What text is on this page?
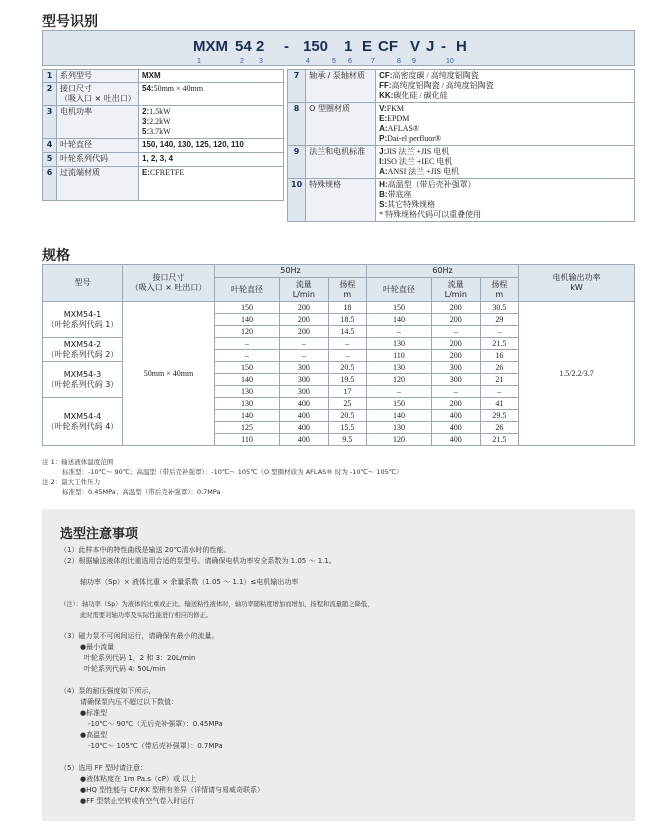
型号识别
MXM 54 2 - 150 1 E CF V J - H
1	2 3	4	5 6	7	8 9	10
1	系列型号	MXM
2	接口尺寸
（吸入口 × 吐出口）	54:50mm × 40mm
3	电机功率	2:1.5kW
3:2.2kW
5:3.7kW
4	叶轮直径	150, 140, 130, 125, 120, 110
5	叶轮系列代码	1, 2, 3, 4
6	过流端材质	E:CFRETFE
7	轴承 / 泵轴材质	CF:高密度碳 / 高纯度铝陶瓷
FF:高纯度铝陶瓷 / 高纯度铝陶瓷
KK:碳化硅 / 碳化硅
8	O 型圈材质	V:FKM
E:EPDM
A:AFLAS®
P:Dai-el perfluor®
9	法兰和电机标准	J:JIS 法兰 +JIS 电机
I:ISO 法兰 +IEC 电机
A:ANSI 法兰 +JIS 电机
10	特殊规格	H:高温型（带后壳补强罩）
B:带底座
S:其它特殊规格
* 特殊规格代码可以重叠使用
规格
型号	接口尺寸
（吸入口 × 吐出口）	50Hz			60Hz			电机输出功率
kW
		叶轮直径	流量
L/min	扬程
m	叶轮直径	流量
L/min	扬程
m	
MXM54-1
（叶轮系列代码 1）	50mm × 40mm	150	200	18	150	200	30.5	1.5/2.2/3.7
		140	200	18.5	140	200	29	
		120	200	14.5	–	–	–	
MXM54-2
（叶轮系列代码 2）		–	–	–	130	200	21.5	
		–	–	–	110	200	16	
MXM54-3
（叶轮系列代码 3）		150	300	20.5	130	300	26	
		140	300	19.5	120	300	21	
		130	300	17	–	–	–	
MXM54-4
（叶轮系列代码 4）		130	400	25	150	200	41	
		140	400	20.5	140	400	29.5	
		125	400	15.5	130	400	26	
		110	400	9.5	120	400	21.5	
注 1：输送液体温度范围
标准型：-10℃～ 90℃；高温型（带后壳补强罩）：-10℃～ 105℃（O 型圈材质为 AFLAS® 时为 -10℃～ 105℃）
注 2：最大工作压力
标准型：0.45MPa；高温型（带后壳补强罩）：0.7MPa
选型注意事项
（1）此样本中的特性曲线是输送 20℃清水时的性能。
（2）根据输送液体的比重选用合适的泵型号。请确保电机功率安全系数为 1.05 ～ 1.1。
轴功率（Sp）× 液体比重 × 余量系数（1.05 ～ 1.1）≤电机输出功率
（注）：轴功率（Sp）为液体的比重或正比。输送粘性液体时，轴功率随粘度增加而增加，扬程和流量随之降低，
此时需要对轴功率及实际性能进行相应的修正。
（3）磁力泵不可闲间运行，请确保有最小的流量。
●最小流量
叶轮系列代码 1，2 和 3：20L/min
叶轮系列代码 4: 50L/min
（4）泵的耐压强度如下所示，
请确保泵内压不超过以下数值：
●标准型
-10℃～ 90℃（无后壳补强罩）：0.45MPa
●高温型
-10℃～ 105℃（带后壳补强罩）：0.7MPa
（5）选用 FF 型时请注意：
●液体粘度在 1m Pa.s（cP）或 以上
●HQ 型性能与 CF/KK 型稍有差异（详情请与易威奇联系）
●FF 型禁止空转或有空气卷入时运行
